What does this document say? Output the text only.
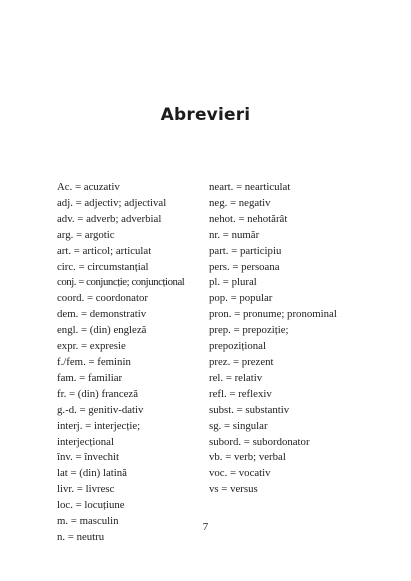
Abrevieri
Ac. = acuzativ
adj. = adjectiv; adjectival
adv. = adverb; adverbial
arg. = argotic
art. = articol; articulat
circ. = circumstanțial
conj. = conjuncție; conjuncțional
coord. = coordonator
dem. = demonstrativ
engl. = (din) engleză
expr. = expresie
f./fem. = feminin
fam. = familiar
fr. = (din) franceză
g.-d. = genitiv-dativ
interj. = interjecție;
interjecțional
înv. = învechit
lat = (din) latină
livr. = livresc
loc. = locuțiune
m. = masculin
n. = neutru
neart. = nearticulat
neg. = negativ
nehot. = nehotărât
nr. = număr
part. = participiu
pers. = persoana
pl. = plural
pop. = popular
pron. = pronume; pronominal
prep. = prepoziție;
prepozițional
prez. = prezent
rel. = relativ
refl. = reflexiv
subst. = substantiv
sg. = singular
subord. = subordonator
vb. = verb; verbal
voc. = vocativ
vs = versus
7
